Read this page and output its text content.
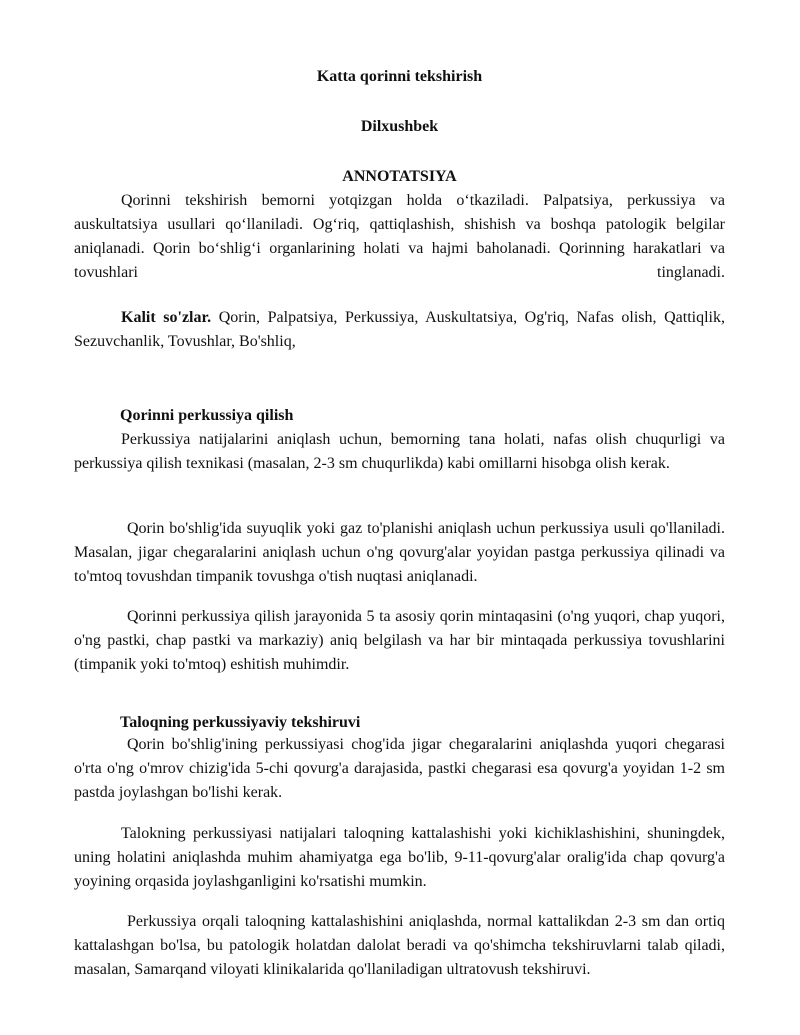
Katta qorinni tekshirish

Dilxushbek

ANNOTATSIYA

Qorinni tekshirish bemorni yotqizgan holda o‘tkaziladi. Palpatsiya, perkussiya va auskultatsiya usullari qo‘llaniladi. Og‘riq, qattiqlashish, shishish va boshqa patologik belgilar aniqlanadi. Qorin bo‘shlig‘i organlarining holati va hajmi baholanadi. Qorinning harakatlari va tovushlari tinglanadi.

Kalit so'zlar. Qorin, Palpatsiya, Perkussiya, Auskultatsiya, Og'riq, Nafas olish, Qattiqlik, Sezuvchanlik, Tovushlar, Bo'shliq,

Qorinni perkussiya qilish

Perkussiya natijalarini aniqlash uchun, bemorning tana holati, nafas olish chuqurligi va perkussiya qilish texnikasi (masalan, 2-3 sm chuqurlikda) kabi omillarni hisobga olish kerak.

Qorin bo'shlig'ida suyuqlik yoki gaz to'planishi aniqlash uchun perkussiya usuli qo'llaniladi. Masalan, jigar chegaralarini aniqlash uchun o'ng qovurg'alar yoyidan pastga perkussiya qilinadi va to'mtoq tovushdan timpanik tovushga o'tish nuqtasi aniqlanadi.

Qorinni perkussiya qilish jarayonida 5 ta asosiy qorin mintaqasini (o'ng yuqori, chap yuqori, o'ng pastki, chap pastki va markaziy) aniq belgilash va har bir mintaqada perkussiya tovushlarini (timpanik yoki to'mtoq) eshitish muhimdir.

Taloqning perkussiyaviy tekshiruvi

Qorin bo'shlig'ining perkussiyasi chog'ida jigar chegaralarini aniqlashda yuqori chegarasi o'rta o'ng o'mrov chizig'ida 5-chi qovurg'a darajasida, pastki chegarasi esa qovurg'a yoyidan 1-2 sm pastda joylashgan bo'lishi kerak.

Talokning perkussiyasi natijalari taloqning kattalashishi yoki kichiklashishini, shuningdek, uning holatini aniqlashda muhim ahamiyatga ega bo'lib, 9-11-qovurg'alar oralig'ida chap qovurg'a yoyining orqasida joylashganligini ko'rsatishi mumkin.

Perkussiya orqali taloqning kattalashishini aniqlashda, normal kattalikdan 2-3 sm dan ortiq kattalashgan bo'lsa, bu patologik holatdan dalolat beradi va qo'shimcha tekshiruvlarni talab qiladi, masalan, Samarqand viloyati klinikalarida qo'llaniladigan ultratovush tekshiruvi.
